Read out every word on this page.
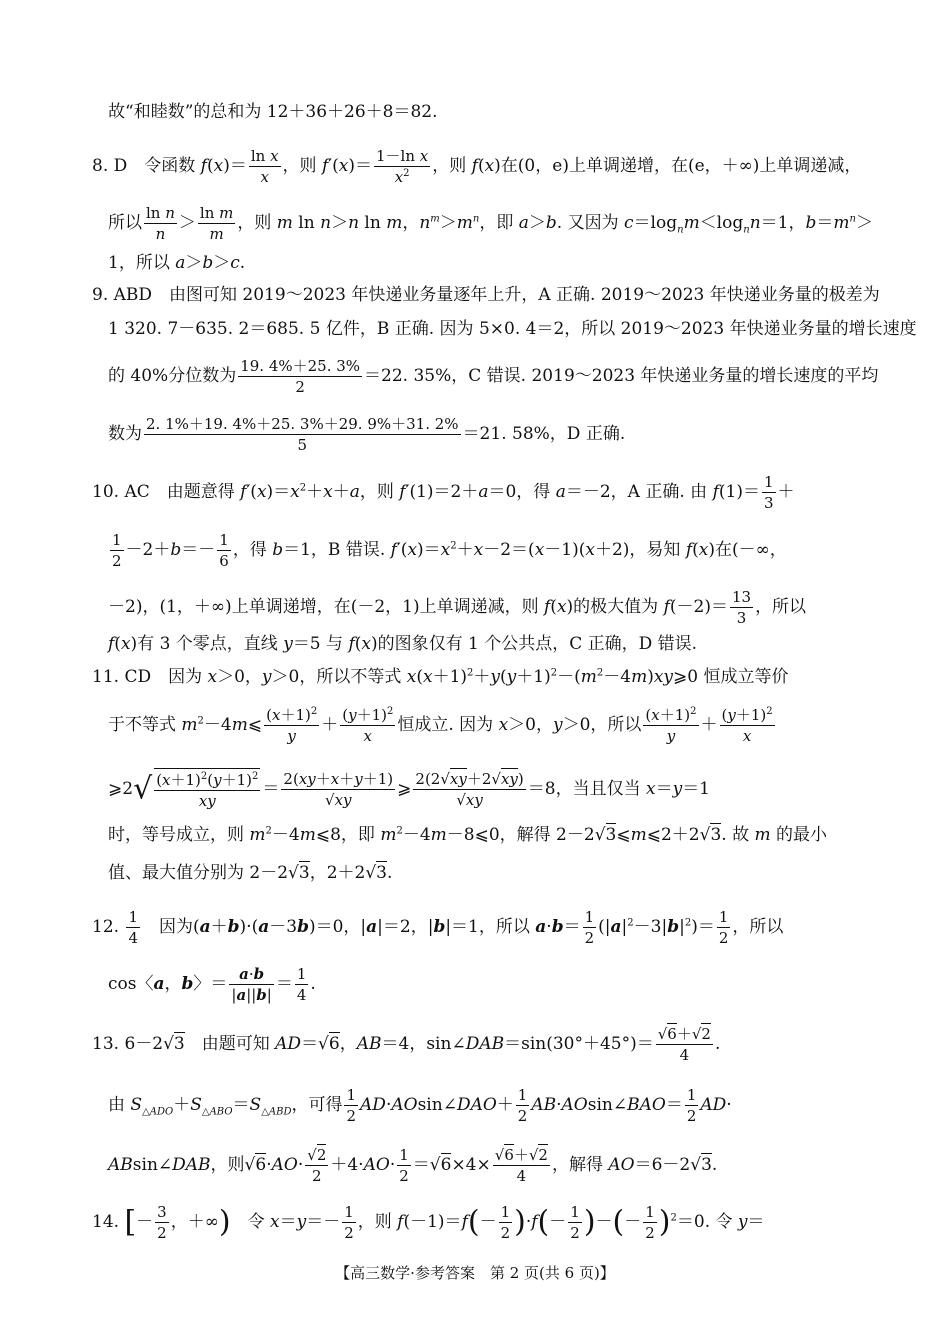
故“和睦数”的总和为 12＋36＋26＋8＝82.
8. D　令函数 $f(x)= \frac{\text{ln x}}{x}$ ，则 $f'(x)= \frac{\text{1－ln x}}{x^2}$ ，则 f(x)在(0，e)上单调递增，在(e，＋∞)上单调递减，
所以 $\frac{\text{ln n}}{n} > \frac{\text{ln m}}{m}$ ，则 m ln n＞n ln m，$n^m>m^n$，即 a＞b. 又因为 $c=\log_nm<\log_nn=1$，$b=m^n>$
1，所以 a＞b＞c.
9. ABD　由图可知 2019～2023 年快递业务量逐年上升，A 正确. 2019～2023 年快递业务量的极差为
1 320. 7－635. 2＝685. 5 亿件，B 正确. 因为 5×0. 4＝2，所以 2019～2023 年快递业务量的增长速度
的 40%分位数为 $\frac{19. 4\%+25. 3\%}{2} =22$. 35%，C 错误. 2019～2023 年快递业务量的增长速度的平均
数为 $\frac{2. 1\%+19. 4\%+25. 3\%+29. 9\%+31. 2\%}{5} =21$. 58%，D 正确.
10. AC　由题意得 $f'(x)=x^2+x+a$，则 f′(1)＝2＋a＝0，得 a＝－2，A 正确. 由 $f(1)= \frac{1}{3}$ ＋
$\frac{1}{2} -2+b=- \frac{1}{6}$ ，得 b＝1，B 错误. $f'(x)=x^2+x-2=(x-1)(x+2)$，易知 f(x)在(－∞，
－2)，(1，＋∞)上单调递增，在(－2，1)上单调递减，则 f(x)的极大值为 $f(-2)= \frac{13}{3}$ ，所以
f(x)有 3 个零点，直线 y＝5 与 f(x)的图象仅有 1 个公共点，C 正确，D 错误.
11. CD　因为 x＞0，y＞0，所以不等式 $x(x+1)^2+y(y+1)^2-(m^2-4m)xy⩾0$ 恒成立等价
于不等式 $m^2-4m⩽ \frac{(x+1)^2}{y} + \frac{(y+1)^2}{x}$ 恒成立. 因为 x＞0，y＞0，所以 $\frac{(x+1)^2}{y} + \frac{(y+1)^2}{x}$
⩾2√ $\frac{(x+1)^2(y+1)^2}{xy} = \frac{2(xy+x+y+1)}{√xy}$ ⩾ $\frac{2(2√xy+2√xy)}{√xy} =8$，当且仅当 x＝y＝1
时，等号成立，则 $m^2-4m⩽8$，即 $m^2-4m-8⩽0$，解得 2－2√3⩽m⩽2＋2√3. 故 m 的最小
值、最大值分别为 2－2√3，2＋2√3.
12. $\frac{1}{4}$ 　因为(a＋b)·(a－3b)＝0，|a|＝2，|b|＝1，所以 $a\cdot b= \frac{1}{2} (|a|^2-3|b|^2)= \frac{1}{2}$ ，所以
cos〈a，b〉＝ $\frac{a\cdot b}{|a||b|} = \frac{1}{4}$ .
13. 6－2√3　由题可知 AD＝√6，AB＝4，sin∠DAB＝sin(30°＋45°)＝ $\frac{√6+√2}{4}$ .
由 $S_{\triangle ADO}+S_{\triangle ABO}=S_{\triangle ABD}$，可得 $\frac{1}{2}$ AD·AOsin∠DAO＋ $\frac{1}{2}$ AB·AOsin∠BAO＝ $\frac{1}{2} AD\cdot$
ABsin∠DAB，则$√6\cdot AO\cdot \frac{√2}{2} +4\cdot AO\cdot \frac{1}{2} =√6\times 4\times \frac{√6+√2}{4}$ ，解得 AO＝6－2√3.
14. [－ $\frac{3}{2}$ ，＋∞)　令 $x=y=- \frac{1}{2}$ ，则 $f(-1)=f(- \frac{1}{2} )\cdot f(- \frac{1}{2}$ )－(－ $\frac{1}{2} )^2=0$. 令 y＝
【高三数学·参考答案　第 2 页(共 6 页)】
